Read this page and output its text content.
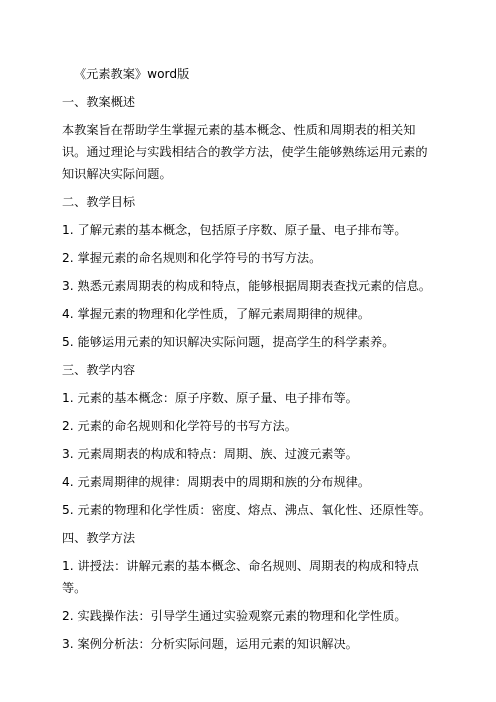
《元素教案》word版

一、教案概述

本教案旨在帮助学生掌握元素的基本概念、性质和周期表的相关知

识。通过理论与实践相结合的教学方法，使学生能够熟练运用元素的

知识解决实际问题。

二、教学目标

1. 了解元素的基本概念，包括原子序数、原子量、电子排布等。

2. 掌握元素的命名规则和化学符号的书写方法。

3. 熟悉元素周期表的构成和特点，能够根据周期表查找元素的信息。

4. 掌握元素的物理和化学性质，了解元素周期律的规律。

5. 能够运用元素的知识解决实际问题，提高学生的科学素养。

三、教学内容

1. 元素的基本概念：原子序数、原子量、电子排布等。

2. 元素的命名规则和化学符号的书写方法。

3. 元素周期表的构成和特点：周期、族、过渡元素等。

4. 元素周期律的规律：周期表中的周期和族的分布规律。

5. 元素的物理和化学性质：密度、熔点、沸点、氧化性、还原性等。

四、教学方法

1. 讲授法：讲解元素的基本概念、命名规则、周期表的构成和特点

等。

2. 实践操作法：引导学生通过实验观察元素的物理和化学性质。

3. 案例分析法：分析实际问题，运用元素的知识解决。
